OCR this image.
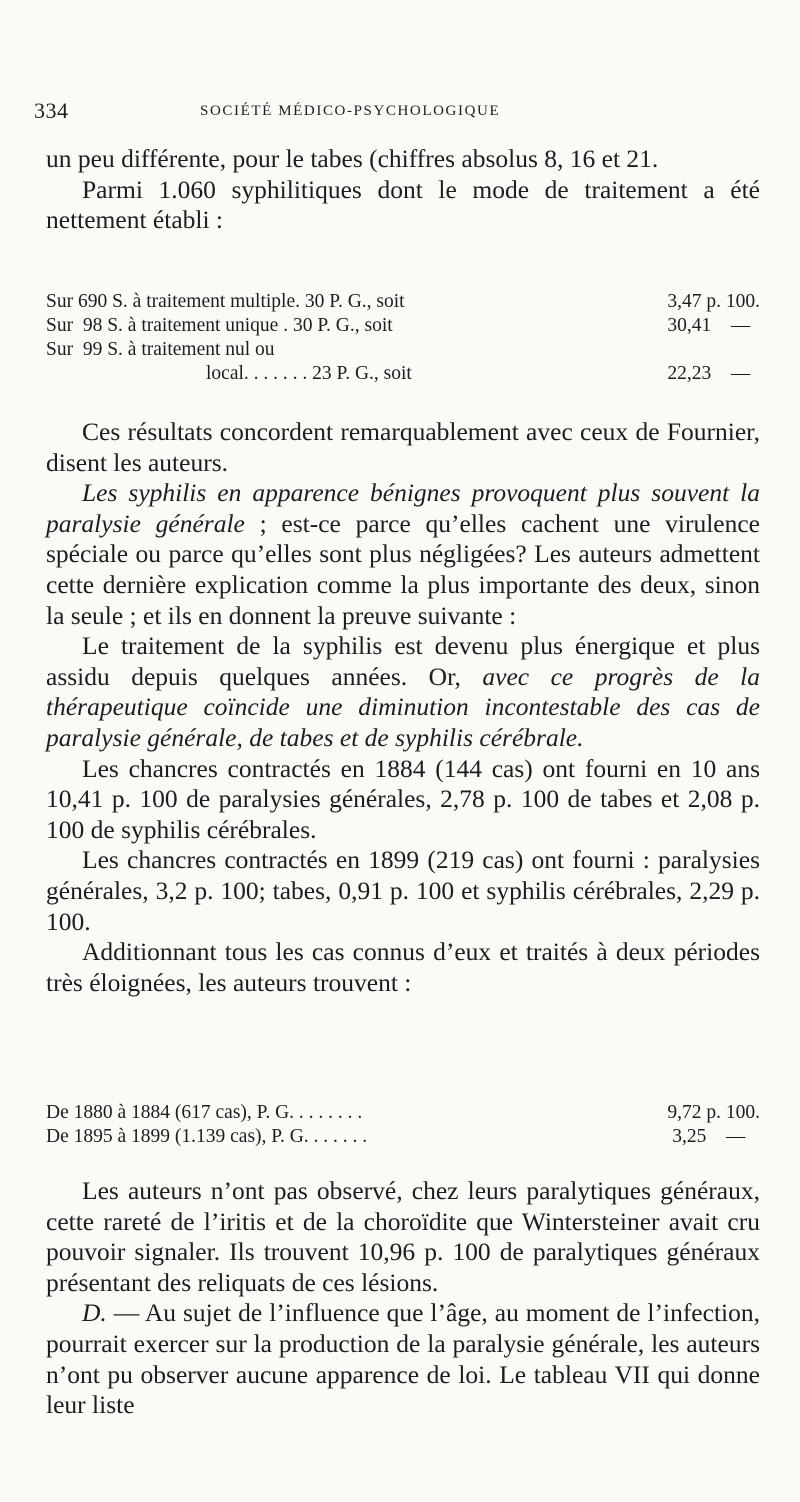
334	SOCIÉTÉ MÉDICO-PSYCHOLOGIQUE

un peu différente, pour le tabes (chiffres absolus 8, 16 et 21.

Parmi 1.060 syphilitiques dont le mode de traitement a été nettement établi :

Sur 690 S. à traitement multiple. 30 P. G., soit	3,47 p. 100.
Sur  98 S. à traitement unique . 30 P. G., soit	30,41    —
Sur  99 S. à traitement nul ou
local. . . . . . . 23 P. G., soit	22,23    —

Ces résultats concordent remarquablement avec ceux de Fournier, disent les auteurs.

Les syphilis en apparence bénignes provoquent plus souvent la paralysie générale ; est-ce parce qu’elles cachent une virulence spéciale ou parce qu’elles sont plus négligées? Les auteurs admettent cette dernière explication comme la plus importante des deux, sinon la seule ; et ils en donnent la preuve suivante :

Le traitement de la syphilis est devenu plus énergique et plus assidu depuis quelques années. Or, avec ce progrès de la thérapeutique coïncide une diminution incontestable des cas de paralysie générale, de tabes et de syphilis cérébrale.

Les chancres contractés en 1884 (144 cas) ont fourni en 10 ans 10,41 p. 100 de paralysies générales, 2,78 p. 100 de tabes et 2,08 p. 100 de syphilis cérébrales.

Les chancres contractés en 1899 (219 cas) ont fourni : paralysies générales, 3,2 p. 100; tabes, 0,91 p. 100 et syphilis cérébrales, 2,29 p. 100.

Additionnant tous les cas connus d’eux et traités à deux périodes très éloignées, les auteurs trouvent :

De 1880 à 1884 (617 cas), P. G. . . . . . . .	9,72 p. 100.
De 1895 à 1899 (1.139 cas), P. G. . . . . . .	3,25    —

Les auteurs n’ont pas observé, chez leurs paralytiques généraux, cette rareté de l’iritis et de la choroïdite que Wintersteiner avait cru pouvoir signaler. Ils trouvent 10,96 p. 100 de paralytiques généraux présentant des reliquats de ces lésions.

D. — Au sujet de l’influence que l’âge, au moment de l’infection, pourrait exercer sur la production de la paralysie générale, les auteurs n’ont pu observer aucune apparence de loi. Le tableau VII qui donne leur liste
